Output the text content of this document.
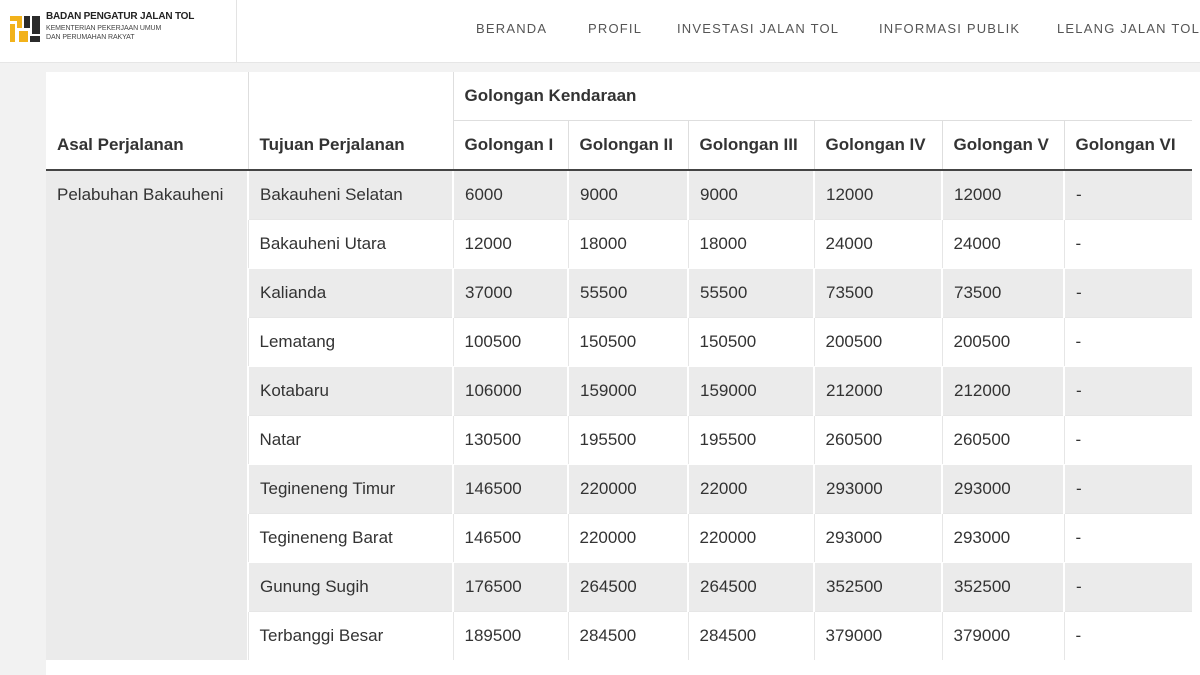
BADAN PENGATUR JALAN TOL
KEMENTERIAN PEKERJAAN UMUM
DAN PERUMAHAN RAKYAT
BERANDA	PROFIL	INVESTASI JALAN TOL	INFORMASI PUBLIK	LELANG JALAN TOL
Asal Perjalanan	Tujuan Perjalanan	Golongan Kendaraan					
		Golongan I	Golongan II	Golongan III	Golongan IV	Golongan V	Golongan VI
Pelabuhan Bakauheni	Bakauheni Selatan	6000	9000	9000	12000	12000	-
	Bakauheni Utara	12000	18000	18000	24000	24000	-
	Kalianda	37000	55500	55500	73500	73500	-
	Lematang	100500	150500	150500	200500	200500	-
	Kotabaru	106000	159000	159000	212000	212000	-
	Natar	130500	195500	195500	260500	260500	-
	Tegineneng Timur	146500	220000	22000	293000	293000	-
	Tegineneng Barat	146500	220000	220000	293000	293000	-
	Gunung Sugih	176500	264500	264500	352500	352500	-
	Terbanggi Besar	189500	284500	284500	379000	379000	-
